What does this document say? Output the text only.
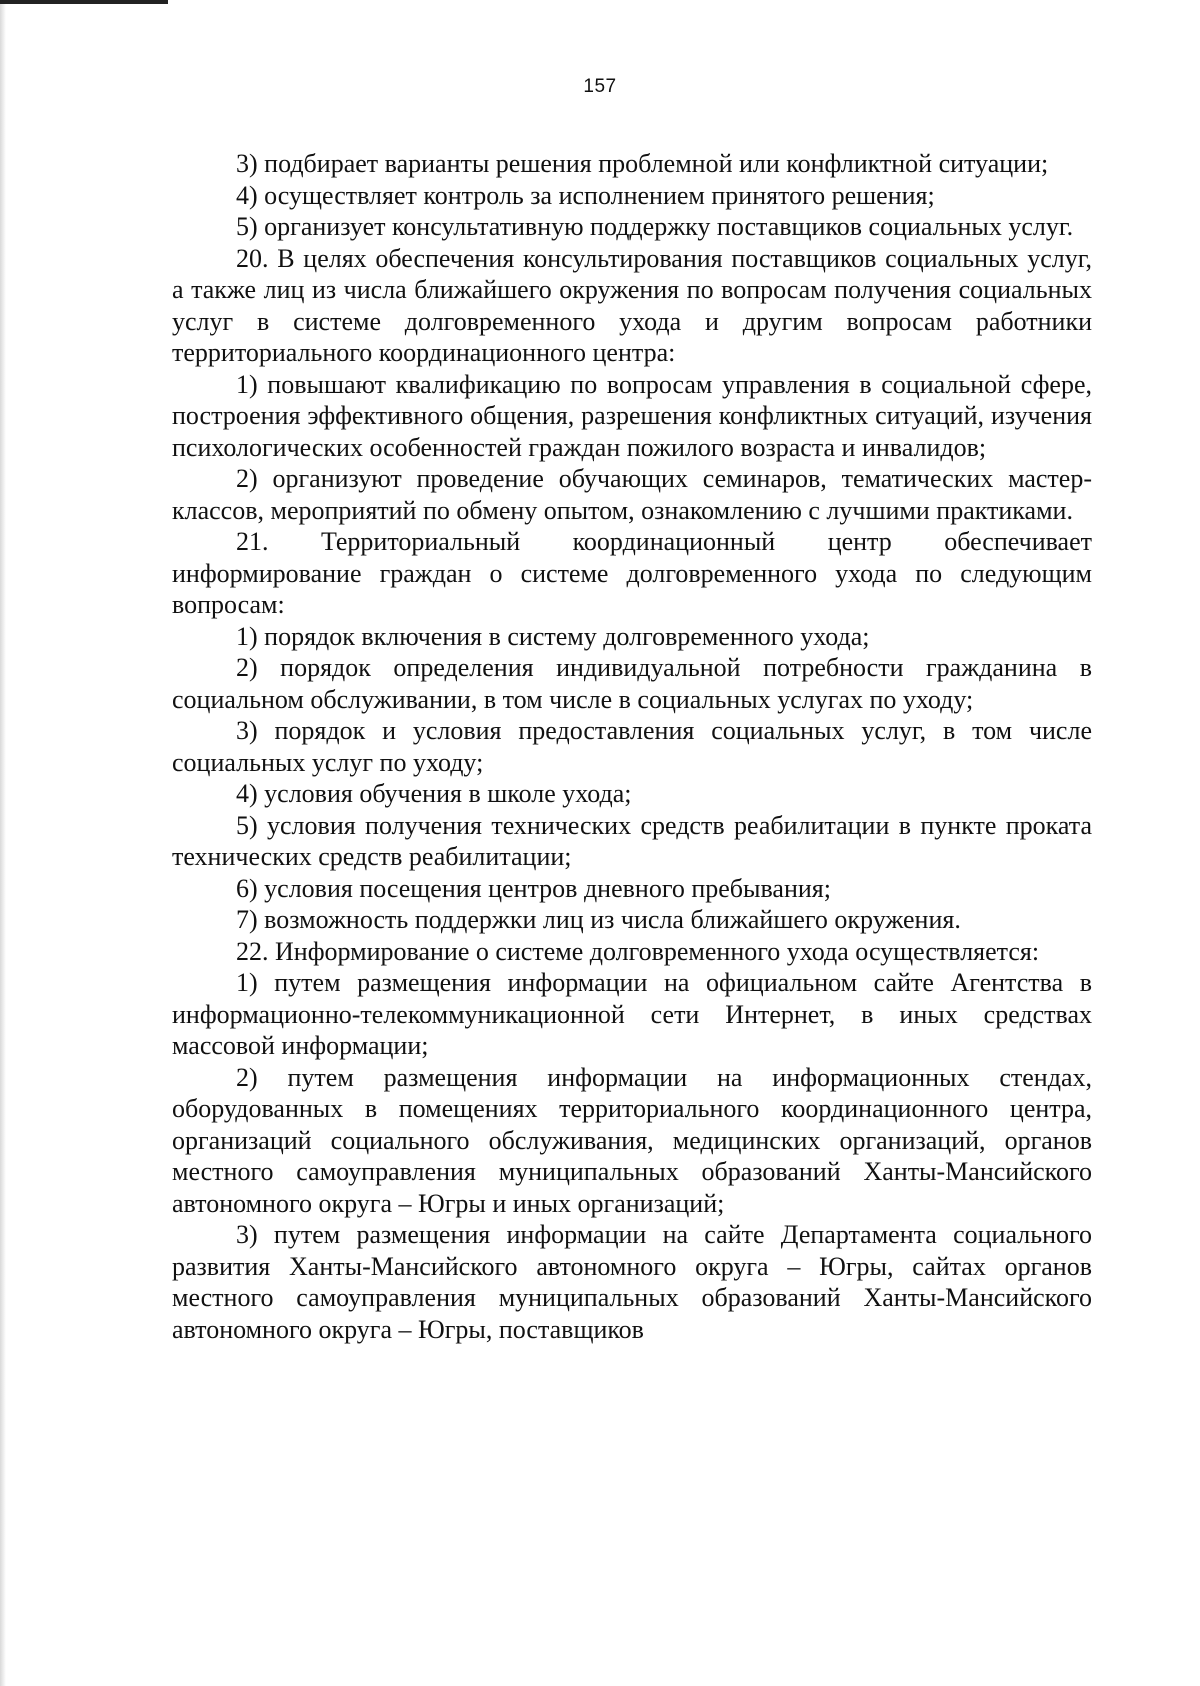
157

3) подбирает варианты решения проблемной или конфликтной ситуации;

4) осуществляет контроль за исполнением принятого решения;

5) организует консультативную поддержку поставщиков социальных услуг.

20. В целях обеспечения консультирования поставщиков социальных услуг, а также лиц из числа ближайшего окружения по вопросам получения социальных услуг в системе долговременного ухода и другим вопросам работники территориального координационного центра:

1) повышают квалификацию по вопросам управления в социальной сфере, построения эффективного общения, разрешения конфликтных ситуаций, изучения психологических особенностей граждан пожилого возраста и инвалидов;

2) организуют проведение обучающих семинаров, тематических мастер-классов, мероприятий по обмену опытом, ознакомлению с лучшими практиками.

21. Территориальный координационный центр обеспечивает информирование граждан о системе долговременного ухода по следующим вопросам:

1) порядок включения в систему долговременного ухода;

2) порядок определения индивидуальной потребности гражданина в социальном обслуживании, в том числе в социальных услугах по уходу;

3) порядок и условия предоставления социальных услуг, в том числе социальных услуг по уходу;

4) условия обучения в школе ухода;

5) условия получения технических средств реабилитации в пункте проката технических средств реабилитации;

6) условия посещения центров дневного пребывания;

7) возможность поддержки лиц из числа ближайшего окружения.

22. Информирование о системе долговременного ухода осуществляется:

1) путем размещения информации на официальном сайте Агентства в информационно-телекоммуникационной сети Интернет, в иных средствах массовой информации;

2) путем размещения информации на информационных стендах, оборудованных в помещениях территориального координационного центра, организаций социального обслуживания, медицинских организаций, органов местного самоуправления муниципальных образований Ханты-Мансийского автономного округа – Югры и иных организаций;

3) путем размещения информации на сайте Департамента социального развития Ханты-Мансийского автономного округа – Югры, сайтах органов местного самоуправления муниципальных образований Ханты-Мансийского автономного округа – Югры, поставщиков
